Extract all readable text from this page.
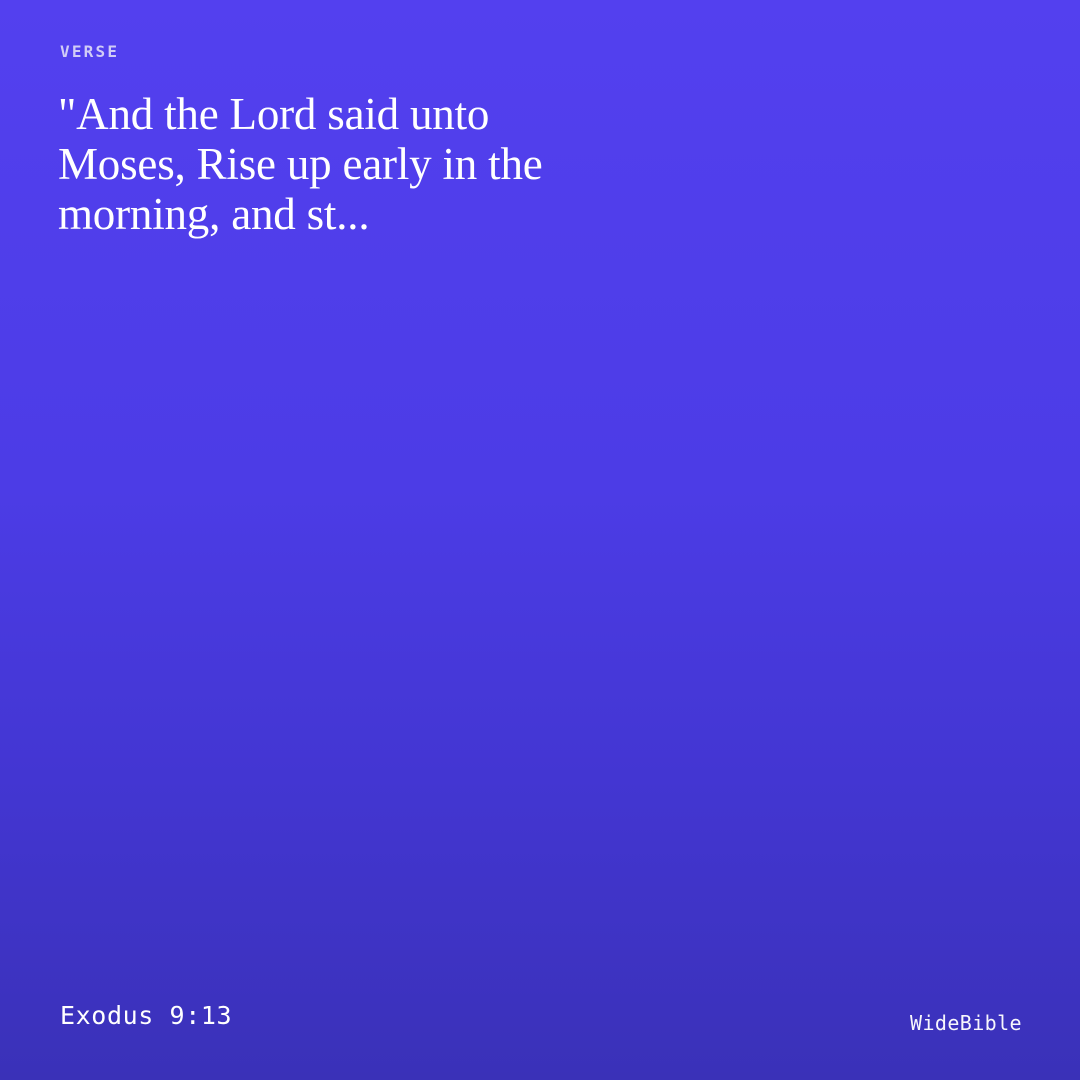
VERSE
"And the Lord said unto Moses, Rise up early in the morning, and st...
Exodus 9:13	WideBible
